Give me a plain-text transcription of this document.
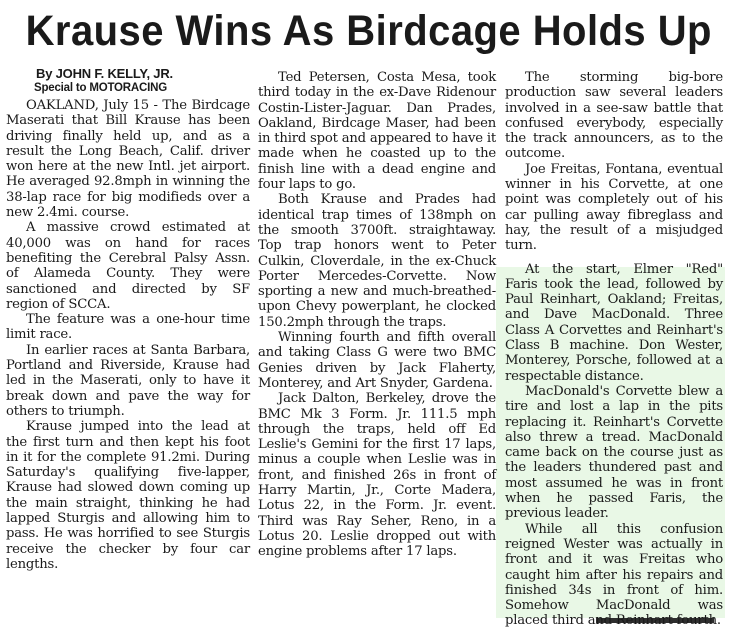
Krause Wins As Birdcage Holds Up
By JOHN F. KELLY, JR.
Special to MOTORACING

OAKLAND, July 15 - The Birdcage Maserati that Bill Krause has been driving finally held up, and as a result the Long Beach, Calif. driver won here at the new Intl. jet airport. He averaged 92.8mph in winning the 38-lap race for big modifieds over a new 2.4mi. course.

A massive crowd estimated at 40,000 was on hand for races benefiting the Cerebral Palsy Assn. of Alameda County. They were sanctioned and directed by SF region of SCCA.

The feature was a one-hour time limit race.

In earlier races at Santa Barbara, Portland and Riverside, Krause had led in the Maserati, only to have it break down and pave the way for others to triumph.

Krause jumped into the lead at the first turn and then kept his foot in it for the complete 91.2mi. During Saturday's qualifying five-lapper, Krause had slowed down coming up the main straight, thinking he had lapped Sturgis and allowing him to pass. He was horrified to see Sturgis receive the checker by four car lengths.

Ted Petersen, Costa Mesa, took third today in the ex-Dave Ridenour Costin-Lister-Jaguar. Dan Prades, Oakland, Birdcage Maser, had been in third spot and appeared to have it made when he coasted up to the finish line with a dead engine and four laps to go.

Both Krause and Prades had identical trap times of 138mph on the smooth 3700ft. straightaway. Top trap honors went to Peter Culkin, Cloverdale, in the ex-Chuck Porter Mercedes-Corvette. Now sporting a new and much-breathed-upon Chevy powerplant, he clocked 150.2mph through the traps.

Winning fourth and fifth overall and taking Class G were two BMC Genies driven by Jack Flaherty, Monterey, and Art Snyder, Gardena.

Jack Dalton, Berkeley, drove the BMC Mk 3 Form. Jr. 111.5 mph through the traps, held off Ed Leslie's Gemini for the first 17 laps, minus a couple when Leslie was in front, and finished 26s in front of Harry Martin, Jr., Corte Madera, Lotus 22, in the Form. Jr. event. Third was Ray Seher, Reno, in a Lotus 20. Leslie dropped out with engine problems after 17 laps.

The storming big-bore production saw several leaders involved in a see-saw battle that confused everybody, especially the track announcers, as to the outcome.

Joe Freitas, Fontana, eventual winner in his Corvette, at one point was completely out of his car pulling away fibreglass and hay, the result of a misjudged turn.

At the start, Elmer "Red" Faris took the lead, followed by Paul Reinhart, Oakland; Freitas, and Dave MacDonald. Three Class A Corvettes and Reinhart's Class B machine. Don Wester, Monterey, Porsche, followed at a respectable distance.

MacDonald's Corvette blew a tire and lost a lap in the pits replacing it. Reinhart's Corvette also threw a tread. MacDonald came back on the course just as the leaders thundered past and most assumed he was in front when he passed Faris, the previous leader.

While all this confusion reigned Wester was actually in front and it was Freitas who caught him after his repairs and finished 34s in front of him. Somehow MacDonald was placed third and Reinhart fourth.
